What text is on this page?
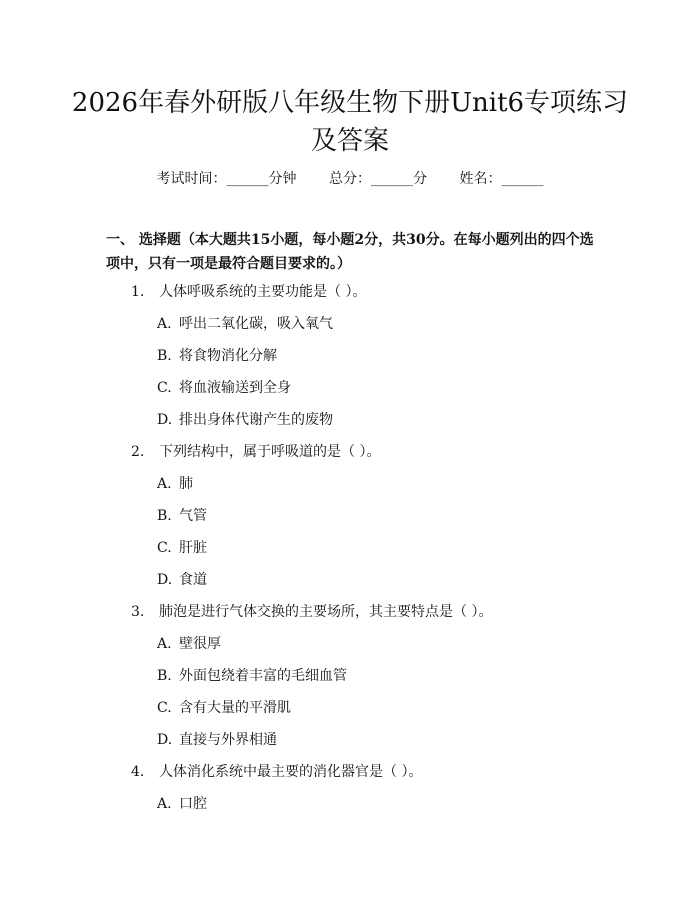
2026年春外研版八年级生物下册Unit6专项练习及答案
考试时间：______分钟 总分：______分 姓名：______
一、 选择题（本大题共15小题，每小题2分，共30分。在每小题列出的四个选项中，只有一项是最符合题目要求的。）
1. 人体呼吸系统的主要功能是（ ）。
A. 呼出二氧化碳，吸入氧气
B. 将食物消化分解
C. 将血液输送到全身
D. 排出身体代谢产生的废物
2. 下列结构中，属于呼吸道的是（ ）。
A. 肺
B. 气管
C. 肝脏
D. 食道
3. 肺泡是进行气体交换的主要场所，其主要特点是（ ）。
A. 壁很厚
B. 外面包绕着丰富的毛细血管
C. 含有大量的平滑肌
D. 直接与外界相通
4. 人体消化系统中最主要的消化器官是（ ）。
A. 口腔
